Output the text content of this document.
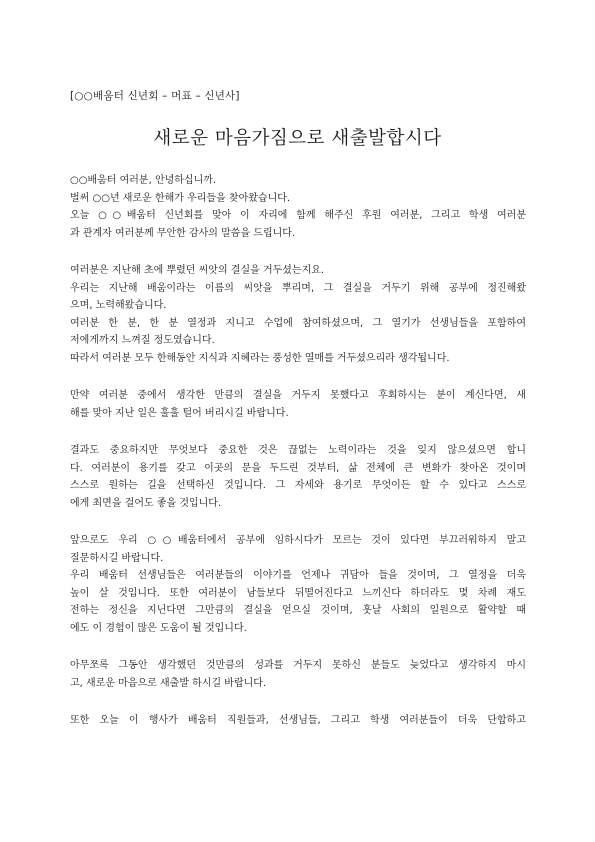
[○○배움터 신년회 – 머표 – 신년사]
새로운 마음가짐으로 새출발합시다
○○배움터 여러분, 안녕하십니까.
벌써 ○○년 새로운 한해가 우리들을 찾아왔습니다.
오늘 ○○배움터 신년회를 맞아 이 자리에 함께 해주신 후원 여러분, 그리고 학생 여러분
과 관계자 여러분께 무안한 감사의 말씀을 드립니다.
여러분은 지난해 초에 뿌렸던 씨앗의 결실을 거두셨는지요.
우리는 지난해 배움이라는 이름의 씨앗을 뿌리며, 그 결실을 거두기 위해 공부에 정진해왔
으며, 노력해왔습니다.
여러분 한 분, 한 분 열정과 지니고 수업에 참여하셨으며, 그 열기가 선생님들을 포함하여
저에게까지 느껴질 정도였습니다.
따라서 여러분 모두 한해동안 지식과 지혜라는 풍성한 열매를 거두셨으리라 생각됩니다.
만약 여러분 중에서 생각한 만큼의 결실을 거두지 못했다고 후회하시는 분이 계신다면, 새
해를 맞아 지난 일은 훌훌 털어 버리시길 바랍니다.
결과도 중요하지만 무엇보다 중요한 것은 끊없는 노력이라는 것을 잊지 않으셨으면 합니
다. 여러분이 용기를 갖고 이곳의 문을 두드린 것부터, 삶 전체에 큰 변화가 찾아온 것이며
스스로 원하는 길을 선택하신 것입니다. 그 자세와 용기로 무엇이든 할 수 있다고 스스로
에게 최면을 걸어도 좋을 것입니다.
앞으로도 우리 ○○배움터에서 공부에 임하시다가 모르는 것이 있다면 부끄러워하지 말고
질문하시길 바랍니다.
우리 배움터 선생님들은 여러분들의 이야기를 언제나 귀담아 들을 것이며, 그 열정을 더욱
높이 살 것입니다. 또한 여러분이 남들보다 뒤떨어진다고 느끼신다 하더라도 몇 차례 재도
전하는 정신을 지닌다면 그만큼의 결실을 얻으실 것이며, 훗날 사회의 일원으로 활약할 때
에도 이 경험이 많은 도움이 될 것입니다.
아무쪼록 그동안 생각했던 것만큼의 성과를 거두지 못하신 분들도 늦었다고 생각하지 마시
고, 새로운 마음으로 새출발 하시길 바랍니다.
또한 오늘 이 행사가 배움터 직원들과, 선생님들, 그리고 학생 여러분들이 더욱 단합하고
